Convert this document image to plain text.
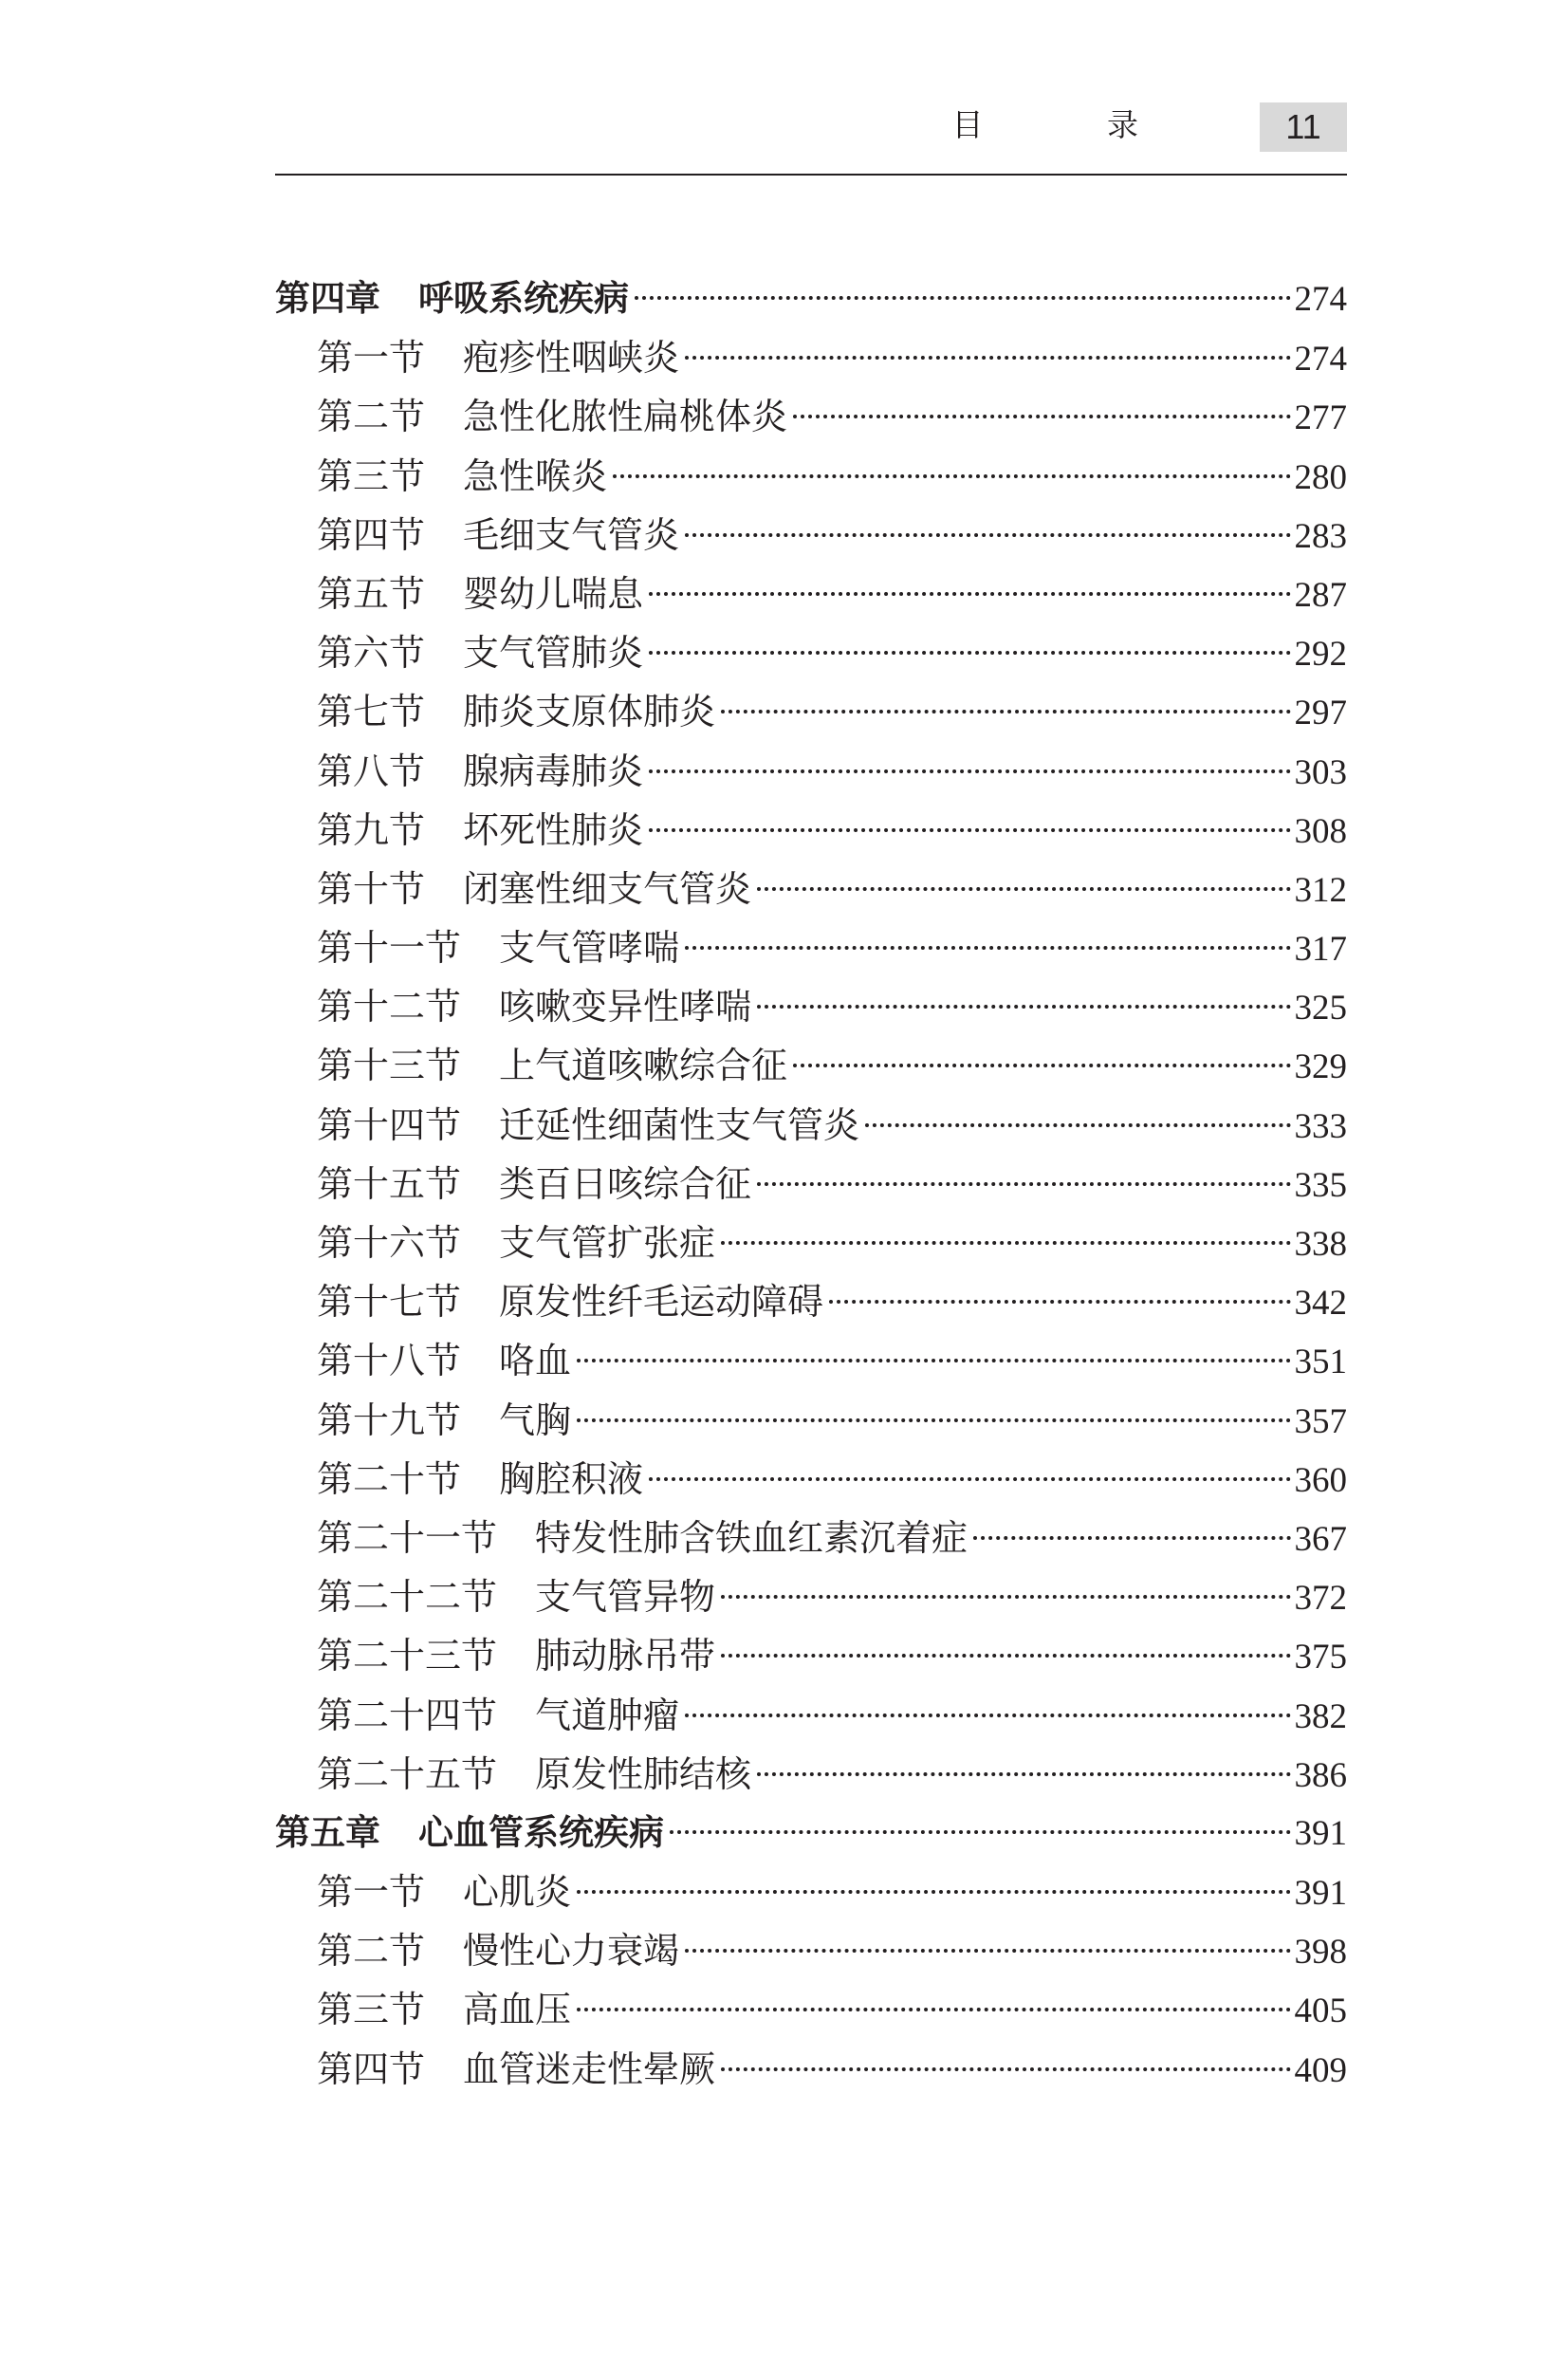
目 录	11
第四章 呼吸系统疾病	274
第一节 疱疹性咽峡炎	274
第二节 急性化脓性扁桃体炎	277
第三节 急性喉炎	280
第四节 毛细支气管炎	283
第五节 婴幼儿喘息	287
第六节 支气管肺炎	292
第七节 肺炎支原体肺炎	297
第八节 腺病毒肺炎	303
第九节 坏死性肺炎	308
第十节 闭塞性细支气管炎	312
第十一节 支气管哮喘	317
第十二节 咳嗽变异性哮喘	325
第十三节 上气道咳嗽综合征	329
第十四节 迁延性细菌性支气管炎	333
第十五节 类百日咳综合征	335
第十六节 支气管扩张症	338
第十七节 原发性纤毛运动障碍	342
第十八节 咯血	351
第十九节 气胸	357
第二十节 胸腔积液	360
第二十一节 特发性肺含铁血红素沉着症	367
第二十二节 支气管异物	372
第二十三节 肺动脉吊带	375
第二十四节 气道肿瘤	382
第二十五节 原发性肺结核	386
第五章 心血管系统疾病	391
第一节 心肌炎	391
第二节 慢性心力衰竭	398
第三节 高血压	405
第四节 血管迷走性晕厥	409
